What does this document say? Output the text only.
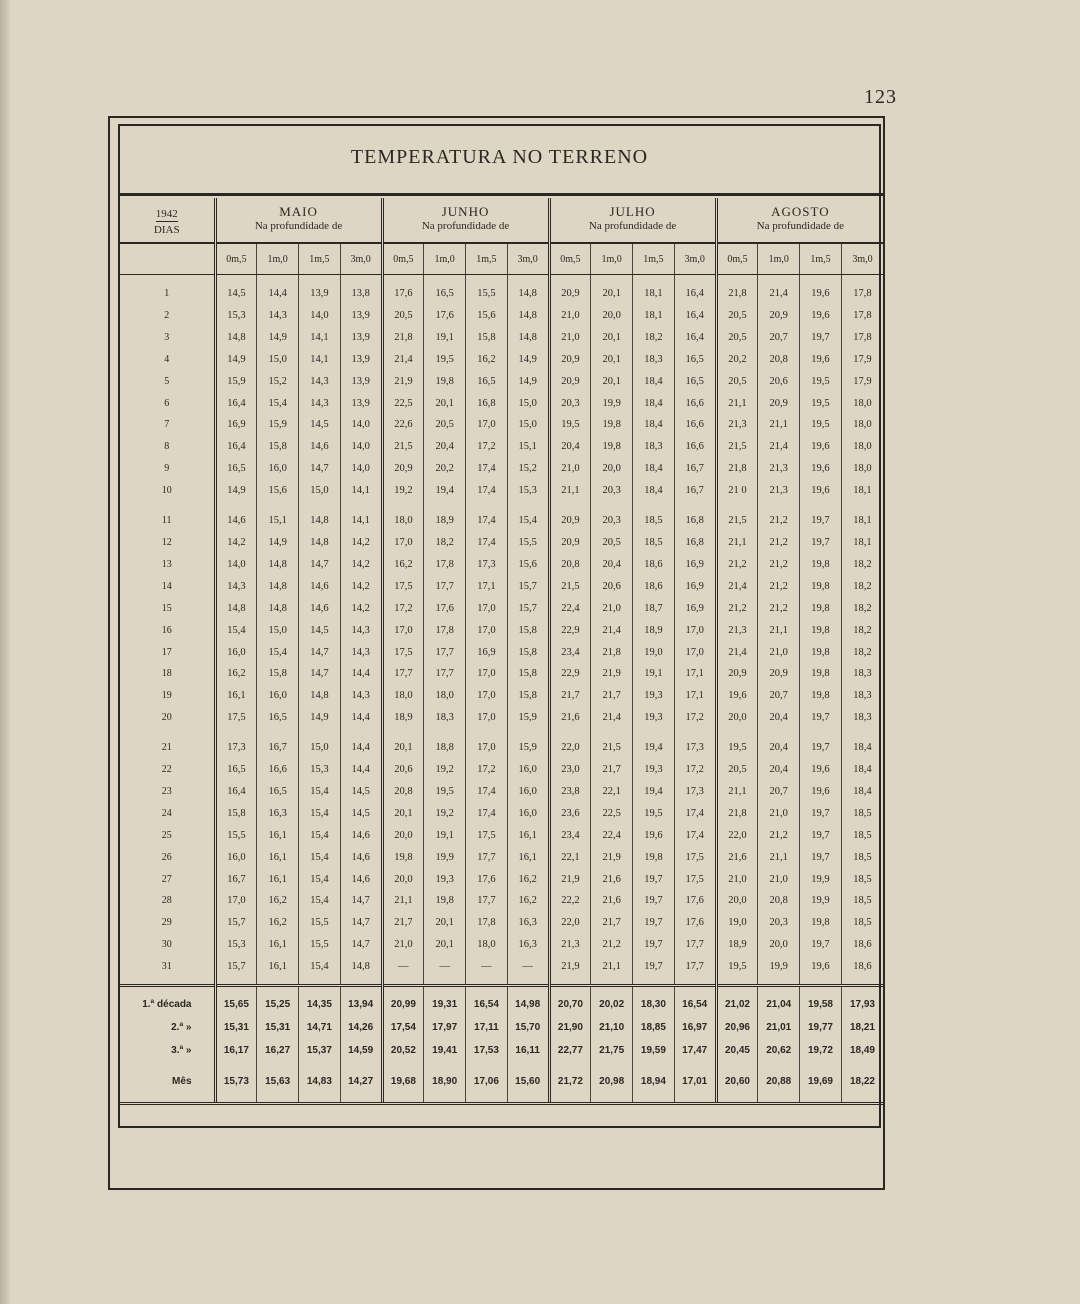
123
TEMPERATURA NO TERRENO
1942
DIAS	MAIO				JUNHO				JULHO				AGOSTO			
	Na profundidade de				Na profundidade de				Na profundidade de				Na profundidade de			
	0m,5	1m,0	1m,5	3m,0	0m,5	1m,0	1m,5	3m,0	0m,5	1m,0	1m,5	3m,0	0m,5	1m,0	1m,5	3m,0

1	14,5	14,4	13,9	13,8	17,6	16,5	15,5	14,8	20,9	20,1	18,1	16,4	21,8	21,4	19,6	17,8
2	15,3	14,3	14,0	13,9	20,5	17,6	15,6	14,8	21,0	20,0	18,1	16,4	20,5	20,9	19,6	17,8
3	14,8	14,9	14,1	13,9	21,8	19,1	15,8	14,8	21,0	20,1	18,2	16,4	20,5	20,7	19,7	17,8
4	14,9	15,0	14,1	13,9	21,4	19,5	16,2	14,9	20,9	20,1	18,3	16,5	20,2	20,8	19,6	17,9
5	15,9	15,2	14,3	13,9	21,9	19,8	16,5	14,9	20,9	20,1	18,4	16,5	20,5	20,6	19,5	17,9
6	16,4	15,4	14,3	13,9	22,5	20,1	16,8	15,0	20,3	19,9	18,4	16,6	21,1	20,9	19,5	18,0
7	16,9	15,9	14,5	14,0	22,6	20,5	17,0	15,0	19,5	19,8	18,4	16,6	21,3	21,1	19,5	18,0
8	16,4	15,8	14,6	14,0	21,5	20,4	17,2	15,1	20,4	19,8	18,3	16,6	21,5	21,4	19,6	18,0
9	16,5	16,0	14,7	14,0	20,9	20,2	17,4	15,2	21,0	20,0	18,4	16,7	21,8	21,3	19,6	18,0
10	14,9	15,6	15,0	14,1	19,2	19,4	17,4	15,3	21,1	20,3	18,4	16,7	21 0	21,3	19,6	18,1

11	14,6	15,1	14,8	14,1	18,0	18,9	17,4	15,4	20,9	20,3	18,5	16,8	21,5	21,2	19,7	18,1
12	14,2	14,9	14,8	14,2	17,0	18,2	17,4	15,5	20,9	20,5	18,5	16,8	21,1	21,2	19,7	18,1
13	14,0	14,8	14,7	14,2	16,2	17,8	17,3	15,6	20,8	20,4	18,6	16,9	21,2	21,2	19,8	18,2
14	14,3	14,8	14,6	14,2	17,5	17,7	17,1	15,7	21,5	20,6	18,6	16,9	21,4	21,2	19,8	18,2
15	14,8	14,8	14,6	14,2	17,2	17,6	17,0	15,7	22,4	21,0	18,7	16,9	21,2	21,2	19,8	18,2
16	15,4	15,0	14,5	14,3	17,0	17,8	17,0	15,8	22,9	21,4	18,9	17,0	21,3	21,1	19,8	18,2
17	16,0	15,4	14,7	14,3	17,5	17,7	16,9	15,8	23,4	21,8	19,0	17,0	21,4	21,0	19,8	18,2
18	16,2	15,8	14,7	14,4	17,7	17,7	17,0	15,8	22,9	21,9	19,1	17,1	20,9	20,9	19,8	18,3
19	16,1	16,0	14,8	14,3	18,0	18,0	17,0	15,8	21,7	21,7	19,3	17,1	19,6	20,7	19,8	18,3
20	17,5	16,5	14,9	14,4	18,9	18,3	17,0	15,9	21,6	21,4	19,3	17,2	20,0	20,4	19,7	18,3

21	17,3	16,7	15,0	14,4	20,1	18,8	17,0	15,9	22,0	21,5	19,4	17,3	19,5	20,4	19,7	18,4
22	16,5	16,6	15,3	14,4	20,6	19,2	17,2	16,0	23,0	21,7	19,3	17,2	20,5	20,4	19,6	18,4
23	16,4	16,5	15,4	14,5	20,8	19,5	17,4	16,0	23,8	22,1	19,4	17,3	21,1	20,7	19,6	18,4
24	15,8	16,3	15,4	14,5	20,1	19,2	17,4	16,0	23,6	22,5	19,5	17,4	21,8	21,0	19,7	18,5
25	15,5	16,1	15,4	14,6	20,0	19,1	17,5	16,1	23,4	22,4	19,6	17,4	22,0	21,2	19,7	18,5
26	16,0	16,1	15,4	14,6	19,8	19,9	17,7	16,1	22,1	21,9	19,8	17,5	21,6	21,1	19,7	18,5
27	16,7	16,1	15,4	14,6	20,0	19,3	17,6	16,2	21,9	21,6	19,7	17,5	21,0	21,0	19,9	18,5
28	17,0	16,2	15,4	14,7	21,1	19,8	17,7	16,2	22,2	21,6	19,7	17,6	20,0	20,8	19,9	18,5
29	15,7	16,2	15,5	14,7	21,7	20,1	17,8	16,3	22,0	21,7	19,7	17,6	19,0	20,3	19,8	18,5
30	15,3	16,1	15,5	14,7	21,0	20,1	18,0	16,3	21,3	21,2	19,7	17,7	18,9	20,0	19,7	18,6
31	15,7	16,1	15,4	14,8	—	—	—	—	21,9	21,1	19,7	17,7	19,5	19,9	19,6	18,6

1.ª década	15,65	15,25	14,35	13,94	20,99	19,31	16,54	14,98	20,70	20,02	18,30	16,54	21,02	21,04	19,58	17,93
2.ª »	15,31	15,31	14,71	14,26	17,54	17,97	17,11	15,70	21,90	21,10	18,85	16,97	20,96	21,01	19,77	18,21
3.ª »	16,17	16,27	15,37	14,59	20,52	19,41	17,53	16,11	22,77	21,75	19,59	17,47	20,45	20,62	19,72	18,49
Mês	15,73	15,63	14,83	14,27	19,68	18,90	17,06	15,60	21,72	20,98	18,94	17,01	20,60	20,88	19,69	18,22
